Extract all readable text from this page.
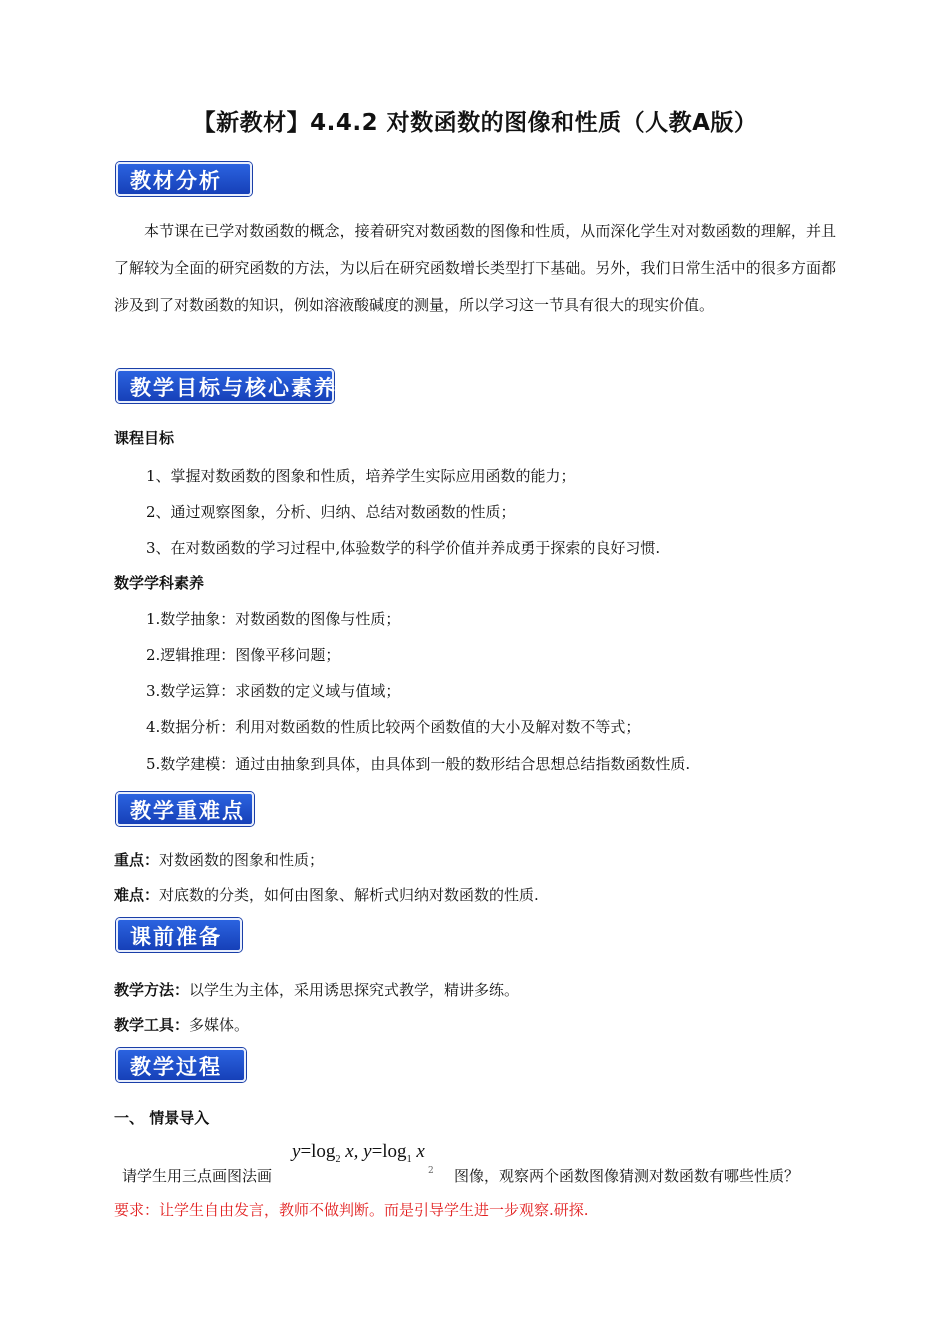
【新教材】4.4.2 对数函数的图像和性质（人教A版）
教材分析
本节课在已学对数函数的概念，接着研究对数函数的图像和性质，从而深化学生对对数函数的理解，并且了解较为全面的研究函数的方法，为以后在研究函数增长类型打下基础。另外，我们日常生活中的很多方面都涉及到了对数函数的知识，例如溶液酸碱度的测量，所以学习这一节具有很大的现实价值。
教学目标与核心素养
课程目标
1、掌握对数函数的图象和性质，培养学生实际应用函数的能力；
2、通过观察图象，分析、归纳、总结对数函数的性质；
3、在对数函数的学习过程中,体验数学的科学价值并养成勇于探索的良好习惯.
数学学科素养
1.数学抽象：对数函数的图像与性质；
2.逻辑推理：图像平移问题；
3.数学运算：求函数的定义域与值域；
4.数据分析：利用对数函数的性质比较两个函数值的大小及解对数不等式；
5.数学建模：通过由抽象到具体，由具体到一般的数形结合思想总结指数函数性质.
教学重难点
重点：对数函数的图象和性质；
难点：对底数的分类，如何由图象、解析式归纳对数函数的性质.
课前准备
教学方法：以学生为主体，采用诱思探究式教学，精讲多练。
教学工具：多媒体。
教学过程
一、 情景导入
$y=\log_2$ x, $y=\log_1$ x
2
请学生用三点画图法画	图像，观察两个函数图像猜测对数函数有哪些性质？
要求：让学生自由发言，教师不做判断。而是引导学生进一步观察.研探.
